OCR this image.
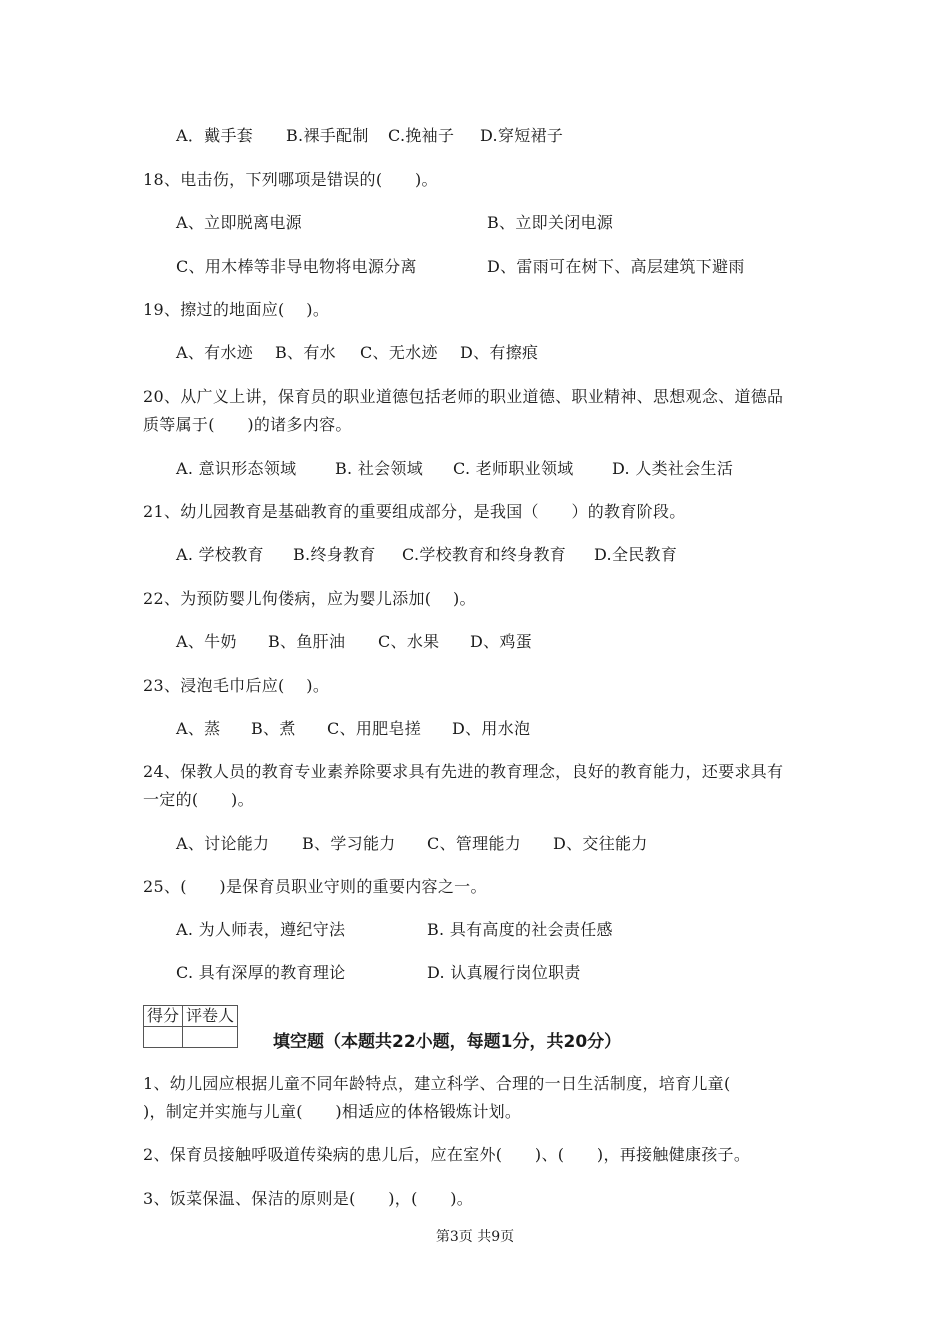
A．戴手套 B.裸手配制 C.挽袖子 D.穿短裙子
18、电击伤，下列哪项是错误的(　　)。
A、立即脱离电源	B、立即关闭电源
C、用木棒等非导电物将电源分离	D、雷雨可在树下、高层建筑下避雨
19、擦过的地面应(　 )。
A、有水迹 B、有水 C、无水迹 D、有擦痕
20、从广义上讲，保育员的职业道德包括老师的职业道德、职业精神、思想观念、道德品
质等属于(　　)的诸多内容。
A. 意识形态领域 B. 社会领域 C. 老师职业领域 D. 人类社会生活
21、幼儿园教育是基础教育的重要组成部分，是我国（　　）的教育阶段。
A. 学校教育 B.终身教育 C.学校教育和终身教育 D.全民教育
22、为预防婴儿佝偻病，应为婴儿添加(　 )。
A、牛奶 B、鱼肝油 C、水果 D、鸡蛋
23、浸泡毛巾后应(　 )。
A、蒸 B、煮 C、用肥皂搓 D、用水泡
24、保教人员的教育专业素养除要求具有先进的教育理念，良好的教育能力，还要求具有
一定的(　　)。
A、讨论能力 B、学习能力 C、管理能力 D、交往能力
25、(　　)是保育员职业守则的重要内容之一。
A. 为人师表，遵纪守法	B. 具有高度的社会责任感
C. 具有深厚的教育理论	D. 认真履行岗位职责
得分	评卷人

填空题（本题共22小题，每题1分，共20分）
1、幼儿园应根据儿童不同年龄特点，建立科学、合理的一日生活制度，培育儿童(
)，制定并实施与儿童(　　)相适应的体格锻炼计划。
2、保育员接触呼吸道传染病的患儿后，应在室外(　　)、(　　)，再接触健康孩子。
3、饭菜保温、保洁的原则是(　　)，(　　)。
第3页 共9页
